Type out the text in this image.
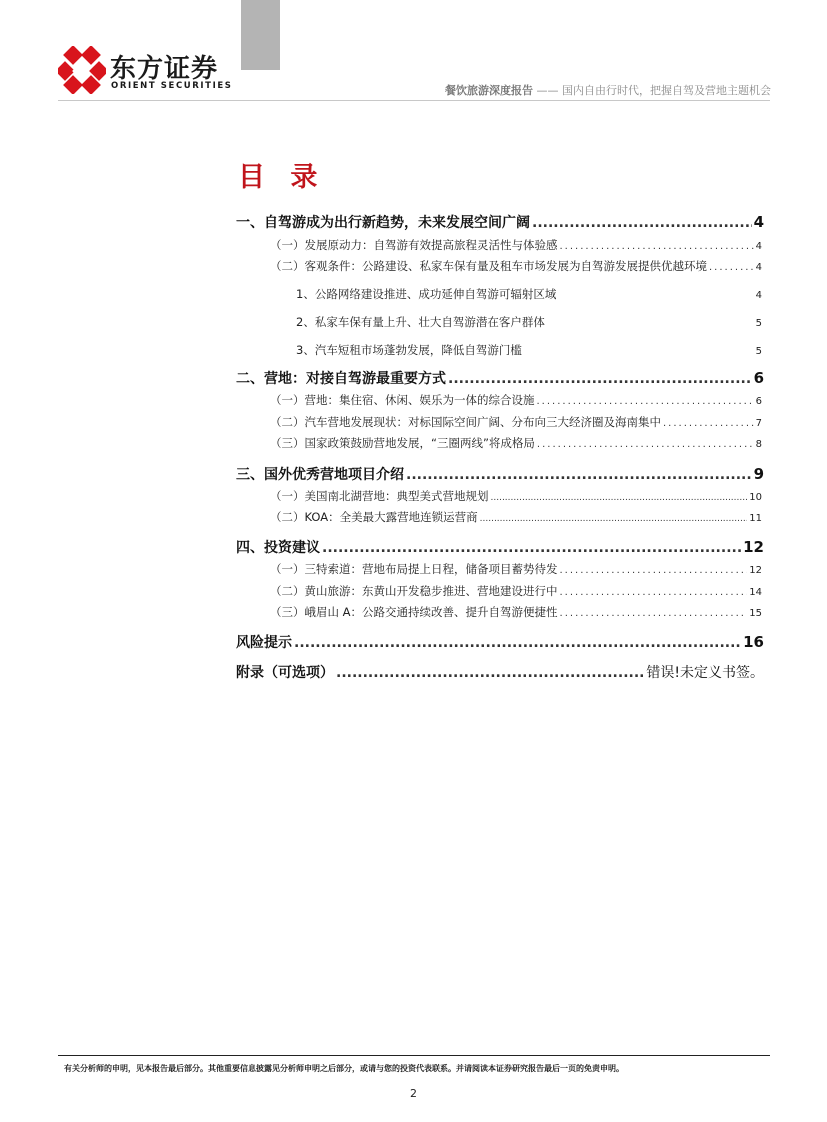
东方证券
ORIENT SECURITIES	餐饮旅游深度报告 —— 国内自由行时代，把握自驾及营地主题机会
目 录
一、自驾游成为出行新趋势，未来发展空间广阔 .....	4
（一）发展原动力：自驾游有效提高旅程灵活性与体验感 .....	4
（二）客观条件：公路建设、私家车保有量及租车市场发展为自驾游发展提供优越环境 .....	4
1、公路网络建设推进、成功延伸自驾游可辐射区域	4
2、私家车保有量上升、壮大自驾游潜在客户群体	5
3、汽车短租市场蓬勃发展，降低自驾游门槛	5
二、营地：对接自驾游最重要方式 .....	6
（一）营地：集住宿、休闲、娱乐为一体的综合设施 .....	6
（二）汽车营地发展现状：对标国际空间广阔、分布向三大经济圈及海南集中 .....	7
（三）国家政策鼓励营地发展，“三圈两线”将成格局 .....	8
三、国外优秀营地项目介绍 .....	9
（一）美国南北湖营地：典型美式营地规划 .....	10
（二）KOA：全美最大露营地连锁运营商 .....	11
四、投资建议 .....	12
（一）三特索道：营地布局提上日程，储备项目蓄势待发 .....	12
（二）黄山旅游：东黄山开发稳步推进、营地建设进行中 .....	14
（三）峨眉山 A：公路交通持续改善、提升自驾游便捷性 .....	15
风险提示 .....	16
附录（可选项） .....	错误!未定义书签。
有关分析师的申明，见本报告最后部分。其他重要信息披露见分析师申明之后部分，或请与您的投资代表联系。并请阅读本证券研究报告最后一页的免责申明。
2
